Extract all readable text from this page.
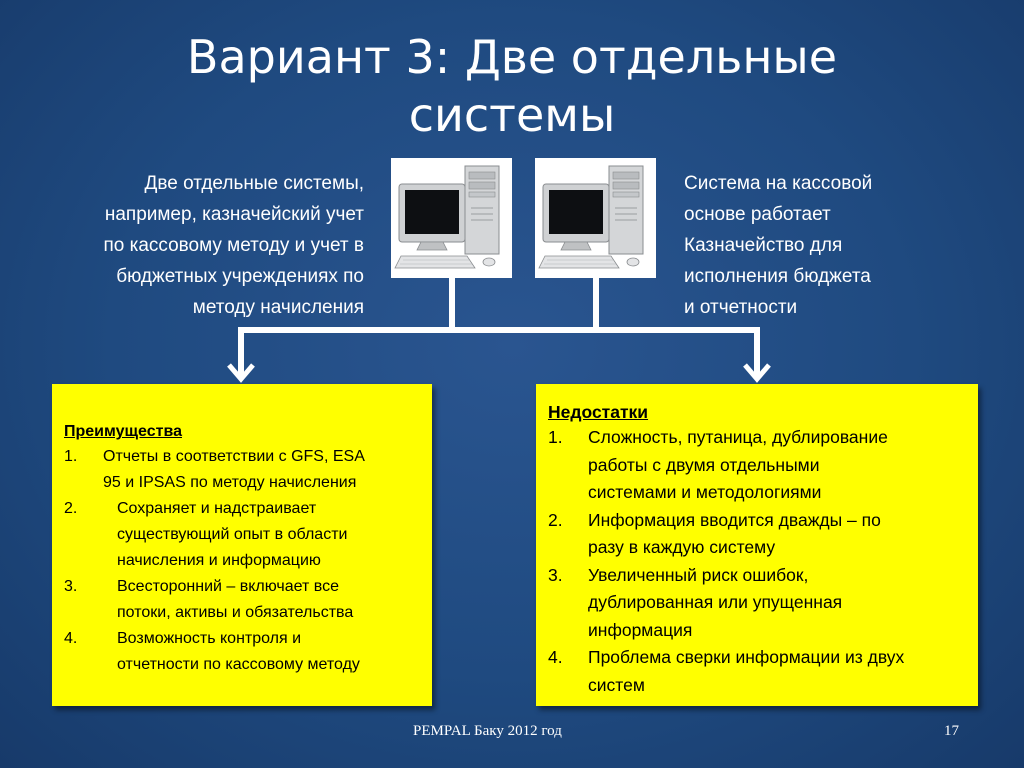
Вариант 3: Две отдельные
системы
Две отдельные системы,
например, казначейский учет
по кассовому методу и учет в
бюджетных учреждениях по
методу начисления
Система на кассовой
основе работает
Казначейство для
исполнения бюджета
и отчетности
Преимущества
1.	Отчеты в соответствии с GFS, ESA
95 и IPSAS по методу начисления
2.	Сохраняет и надстраивает
существующий опыт в области
начисления и информацию
3.	Всесторонний – включает все
потоки, активы и обязательства
4.	Возможность контроля и
отчетности по кассовому методу
Недостатки
1.	Сложность, путаница, дублирование
работы с двумя отдельными
системами и методологиями
2.	Информация вводится дважды – по
разу в каждую систему
3.	Увеличенный риск ошибок,
дублированная или упущенная
информация
4.	Проблема сверки информации из двух
систем
PEMPAL Баку 2012 год	17
